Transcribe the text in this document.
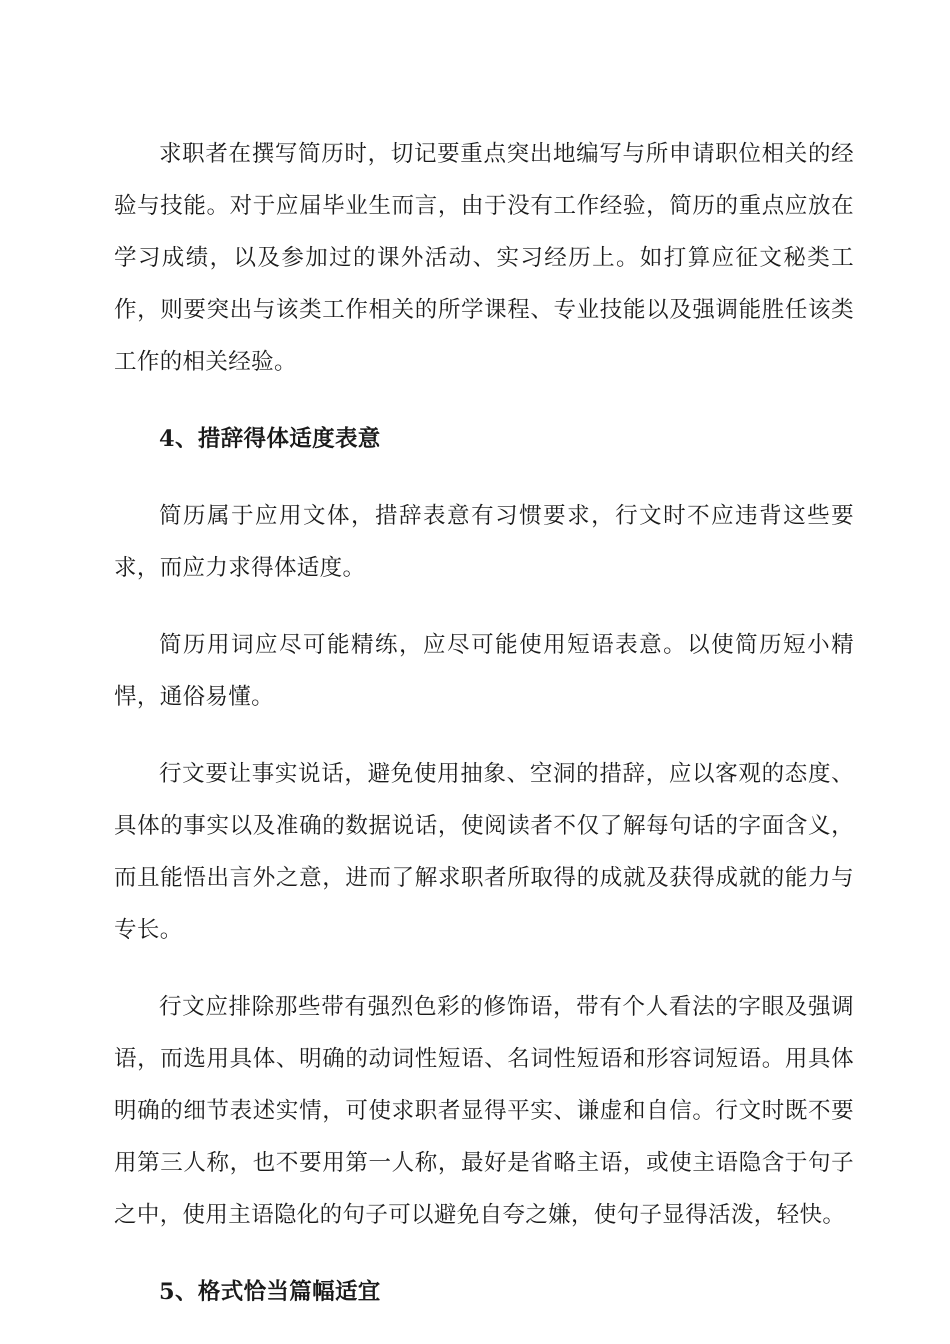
求职者在撰写简历时，切记要重点突出地编写与所申请职位相关的经验与技能。对于应届毕业生而言，由于没有工作经验，简历的重点应放在学习成绩，以及参加过的课外活动、实习经历上。如打算应征文秘类工作，则要突出与该类工作相关的所学课程、专业技能以及强调能胜任该类工作的相关经验。

4、措辞得体适度表意

简历属于应用文体，措辞表意有习惯要求，行文时不应违背这些要求，而应力求得体适度。

简历用词应尽可能精练，应尽可能使用短语表意。以使简历短小精悍，通俗易懂。

行文要让事实说话，避免使用抽象、空洞的措辞，应以客观的态度、具体的事实以及准确的数据说话，使阅读者不仅了解每句话的字面含义，而且能悟出言外之意，进而了解求职者所取得的成就及获得成就的能力与专长。

行文应排除那些带有强烈色彩的修饰语，带有个人看法的字眼及强调语，而选用具体、明确的动词性短语、名词性短语和形容词短语。用具体明确的细节表述实情，可使求职者显得平实、谦虚和自信。行文时既不要用第三人称，也不要用第一人称，最好是省略主语，或使主语隐含于句子之中，使用主语隐化的句子可以避免自夸之嫌，使句子显得活泼，轻快。

5、格式恰当篇幅适宜
